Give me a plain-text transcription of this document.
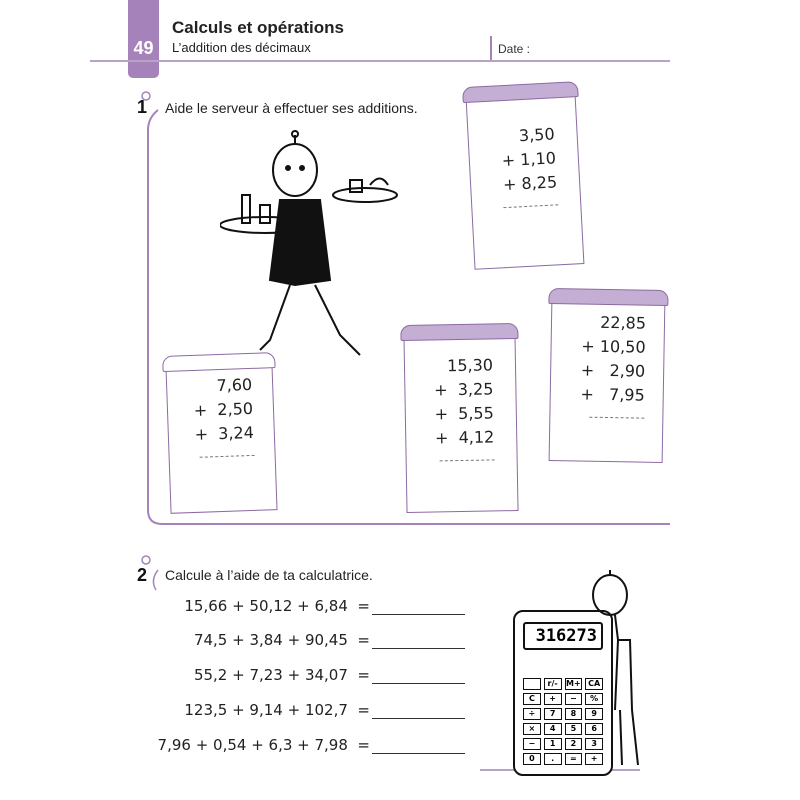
49
Calculs et opérations
L’addition des décimaux	Date :
1 Aide le serveur à effectuer ses additions.
3,50
+ 1,10
+ 8,25
7,60
+  2,50
+  3,24
15,30
+  3,25
+  5,55
+  4,12
22,85
+ 10,50
+   2,90
+   7,95
2 Calcule à l’aide de ta calculatrice.
15,66 + 50,12 + 6,84  =
74,5 + 3,84 + 90,45  =
55,2 + 7,23 + 34,07  =
123,5 + 9,14 + 102,7  =
7,96 + 0,54 + 6,3 + 7,98  =
316273
r/-	M+ CA
C	+	−	%
÷	7	8	9
×	4	5	6
−	1	2	3
0	.	=	+
